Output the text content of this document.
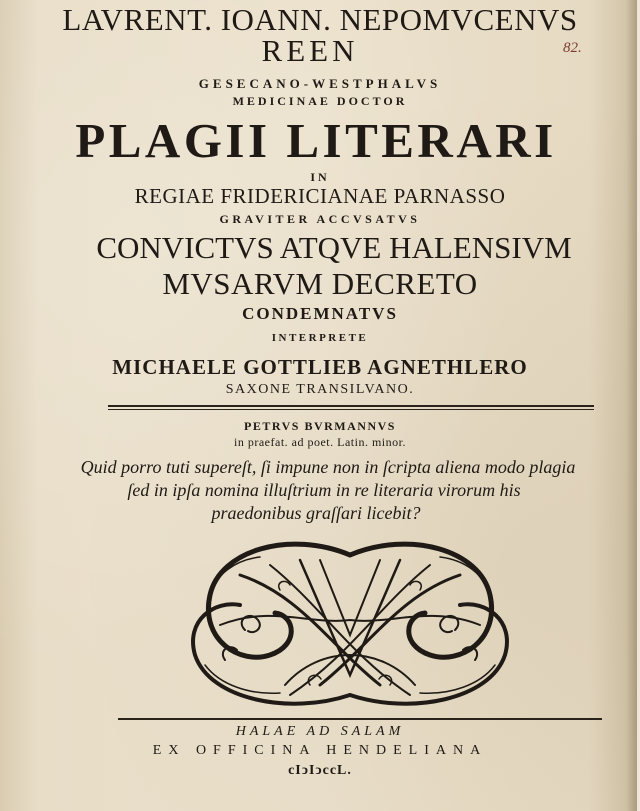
LAVRENT. IOANN. NEPOMVCENVS
REEN	82.
GESECANO-WESTPHALVS
MEDICINAE DOCTOR
PLAGII LITERARI
IN
REGIAE FRIDERICIANAE PARNASSO
GRAVITER ACCVSATVS
CONVICTVS ATQVE HALENSIVM
MVSARVM DECRETO
CONDEMNATVS
INTERPRETE
MICHAELE GOTTLIEB AGNETHLERO
SAXONE TRANSILVANO.
PETRVS BVRMANNVS
in praefat. ad poet. Latin. minor.
Quid porro tuti supereſt, ſi impune non in ſcripta aliena modo plagia
ſed in ipſa nomina illuſtrium in re literaria virorum his
praedonibus graſſari licebit?
HALAE AD SALAM
EX OFFICINA HENDELIANA
cIↄIↄccL.
